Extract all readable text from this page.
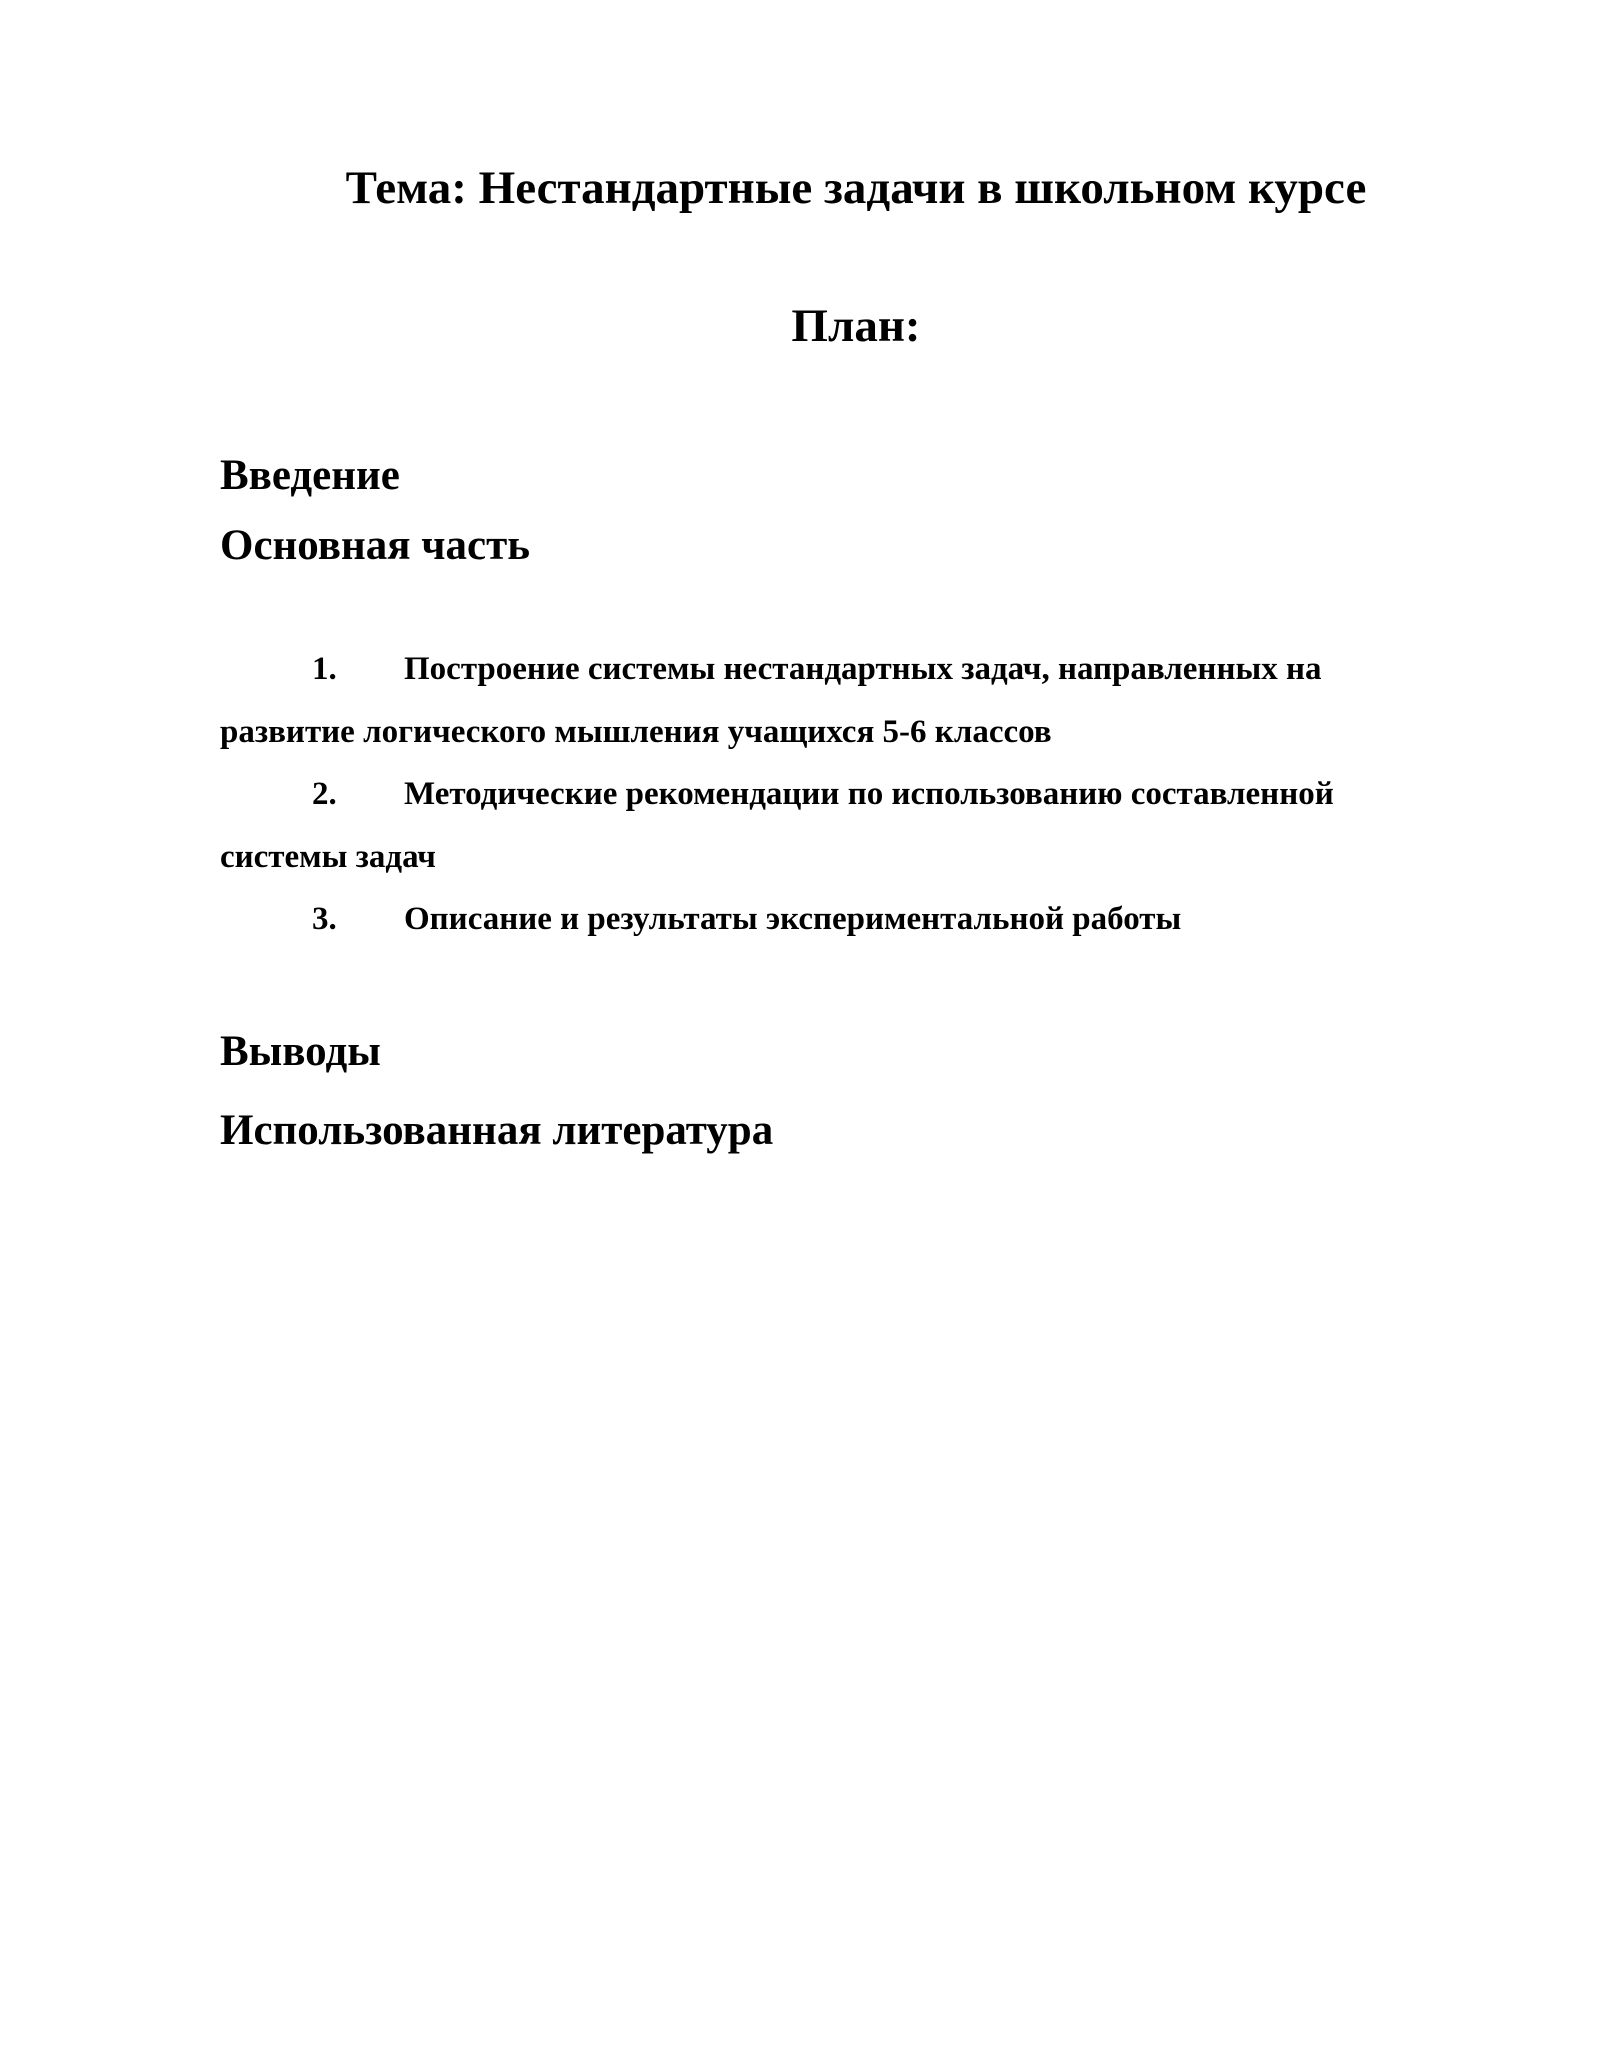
Тема: Нестандартные задачи в школьном курсе
План:
Введение
Основная часть

1. Построение системы нестандартных задач, направленных на развитие логического мышления учащихся 5-6 классов

2. Методические рекомендации по использованию составленной системы задач

3. Описание и результаты экспериментальной работы

Выводы
Использованная литература
